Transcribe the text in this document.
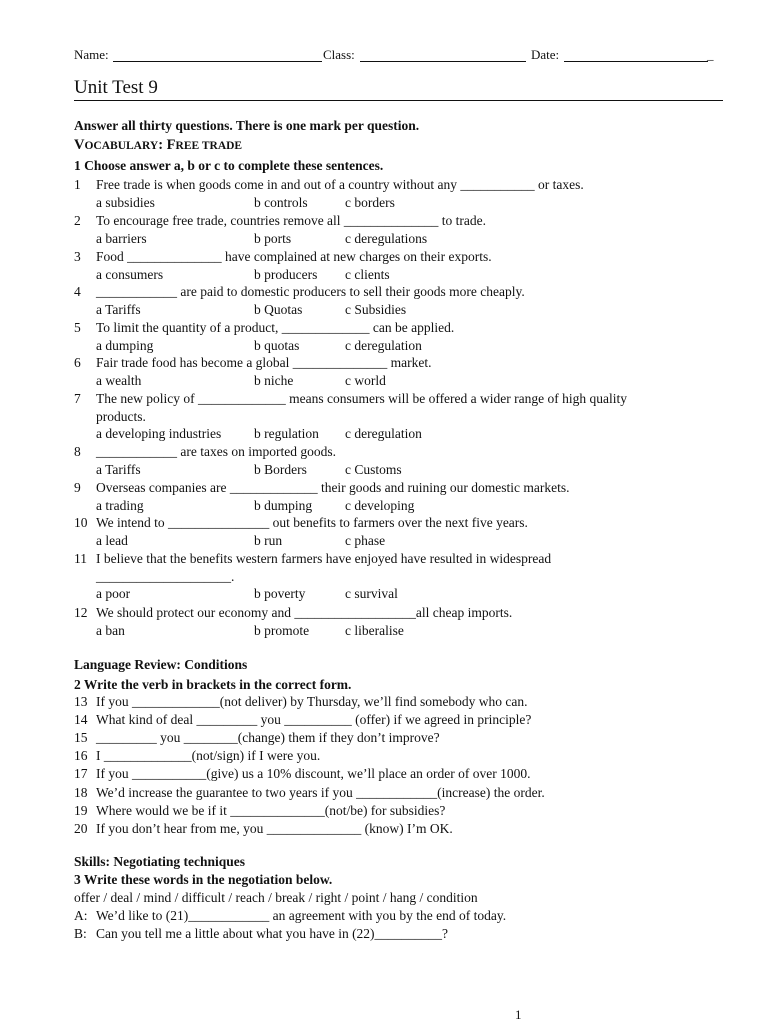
Name:	Class:	Date:	_
Unit Test 9
Answer all thirty questions. There is one mark per question.
VOCABULARY: FREE TRADE
1 Choose answer a, b or c to complete these sentences.
1 Free trade is when goods come in and out of a country without any ___________ or taxes.
a subsidies	b controls	c borders
2 To encourage free trade, countries remove all ______________ to trade.
a barriers	b ports	c deregulations
3 Food ______________ have complained at new charges on their exports.
a consumers	b producers c clients
4 ____________ are paid to domestic producers to sell their goods more cheaply.
a Tariffs	b Quotas	c Subsidies
5 To limit the quantity of a product, _____________ can be applied.
a dumping	b quotas	c deregulation
6 Fair trade food has become a global ______________ market.
a wealth	b niche	c world
7 The new policy of _____________ means consumers will be offered a wider range of high quality
products.
a developing industries b regulation c deregulation
8 ____________ are taxes on imported goods.
a Tariffs	b Borders	c Customs
9 Overseas companies are _____________ their goods and ruining our domestic markets.
a trading	b dumping c developing
10 We intend to _______________ out benefits to farmers over the next five years.
a lead	b run	c phase
11 I believe that the benefits western farmers have enjoyed have resulted in widespread
____________________.
a poor	b poverty	c survival
12 We should protect our economy and __________________all cheap imports.
a ban	b promote	c liberalise
Language Review: Conditions
2 Write the verb in brackets in the correct form.
13 If you _____________(not deliver) by Thursday, we’ll find somebody who can.
14 What kind of deal _________ you __________ (offer) if we agreed in principle?
15 _________ you ________(change) them if they don’t improve?
16 I _____________(not/sign) if I were you.
17 If you ___________(give) us a 10% discount, we’ll place an order of over 1000.
18 We’d increase the guarantee to two years if you ____________(increase) the order.
19 Where would we be if it ______________(not/be) for subsidies?
20 If you don’t hear from me, you ______________ (know) I’m OK.
Skills: Negotiating techniques
3 Write these words in the negotiation below.
offer / deal / mind / difficult / reach / break / right / point / hang / condition
A: We’d like to (21)____________ an agreement with you by the end of today.
B: Can you tell me a little about what you have in (22)__________?
1
